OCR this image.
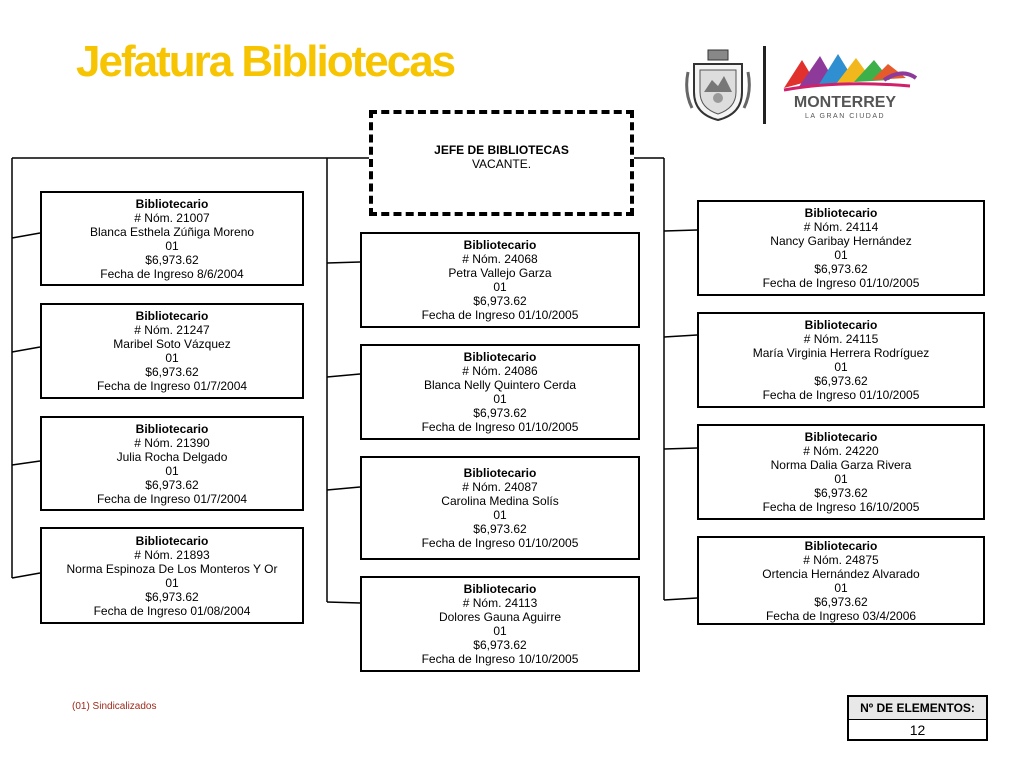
Jefatura Bibliotecas
MONTERREY
LA GRAN CIUDAD
JEFE DE BIBLIOTECAS
VACANTE.
Bibliotecario
# Nóm. 21007
Blanca Esthela Zúñiga Moreno
01
$6,973.62
Fecha de Ingreso 8/6/2004
Bibliotecario
# Nóm. 21247
Maribel Soto Vázquez
01
$6,973.62
Fecha de Ingreso 01/7/2004
Bibliotecario
# Nóm. 21390
Julia Rocha Delgado
01
$6,973.62
Fecha de Ingreso 01/7/2004
Bibliotecario
# Nóm. 21893
Norma Espinoza De Los Monteros Y Or
01
$6,973.62
Fecha de Ingreso 01/08/2004
Bibliotecario
# Nóm. 24068
Petra Vallejo Garza
01
$6,973.62
Fecha de Ingreso 01/10/2005
Bibliotecario
# Nóm. 24086
Blanca Nelly Quintero Cerda
01
$6,973.62
Fecha de Ingreso 01/10/2005
Bibliotecario
# Nóm. 24087
Carolina Medina Solís
01
$6,973.62
Fecha de Ingreso 01/10/2005
Bibliotecario
# Nóm. 24113
Dolores Gauna Aguirre
01
$6,973.62
Fecha de Ingreso 10/10/2005
Bibliotecario
# Nóm. 24114
Nancy Garibay Hernández
01
$6,973.62
Fecha de Ingreso 01/10/2005
Bibliotecario
# Nóm. 24115
María Virginia Herrera Rodríguez
01
$6,973.62
Fecha de Ingreso 01/10/2005
Bibliotecario
# Nóm. 24220
Norma Dalia Garza Rivera
01
$6,973.62
Fecha de Ingreso 16/10/2005
Bibliotecario
# Nóm. 24875
Ortencia Hernández Alvarado
01
$6,973.62
Fecha de Ingreso 03/4/2006
(01) Sindicalizados	Nº DE ELEMENTOS:
12
